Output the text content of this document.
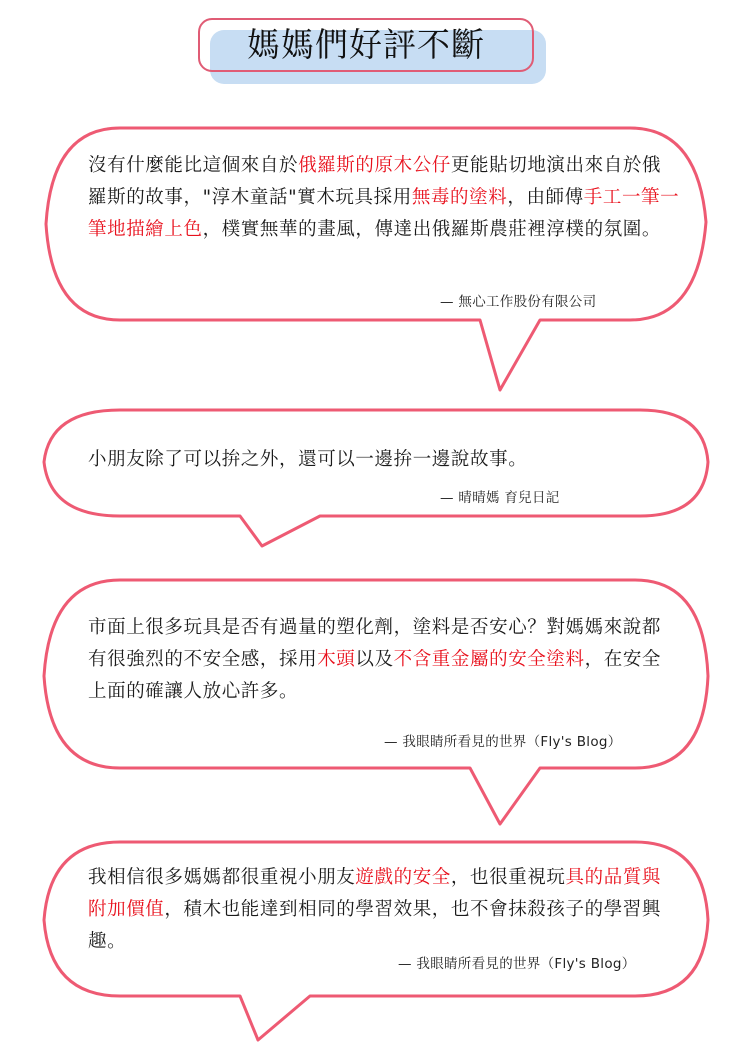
媽媽們好評不斷

沒有什麼能比這個來自於俄羅斯的原木公仔更能貼切地演出來自於俄羅斯的故事，"淳木童話"實木玩具採用無毒的塗料，由師傅手工一筆一筆地描繪上色，樸實無華的畫風，傳達出俄羅斯農莊裡淳樸的氛圍。

— 無心工作股份有限公司

小朋友除了可以拚之外，還可以一邊拚一邊說故事。

— 晴晴媽 育兒日記

市面上很多玩具是否有過量的塑化劑，塗料是否安心？對媽媽來說都有很強烈的不安全感，採用木頭以及不含重金屬的安全塗料，在安全上面的確讓人放心許多。

— 我眼睛所看見的世界（Fly's Blog）

我相信很多媽媽都很重視小朋友遊戲的安全，也很重視玩具的品質與附加價值，積木也能達到相同的學習效果，也不會抹殺孩子的學習興趣。

— 我眼睛所看見的世界（Fly's Blog）
